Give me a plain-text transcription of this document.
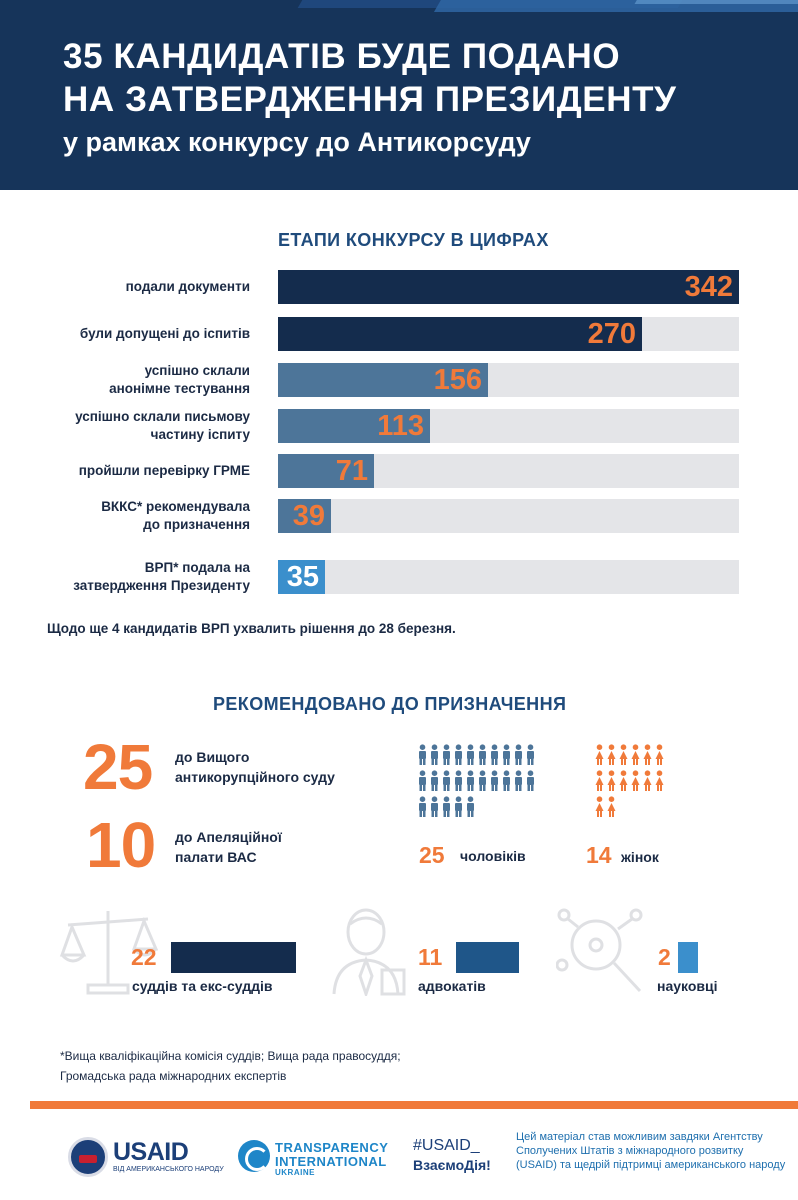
35 КАНДИДАТІВ БУДЕ ПОДАНО
НА ЗАТВЕРДЖЕННЯ ПРЕЗИДЕНТУ
у рамках конкурсу до Антикорсуду
ЕТАПИ КОНКУРСУ В ЦИФРАХ
342
подали документи
270
були допущені до іспитів
156
успішно склали
анонімне тестування
113
успішно склали письмову
частину іспиту
71
пройшли перевірку ГРМЕ
39
ВККС* рекомендувала
до призначення
35
ВРП* подала на
затвердження Президенту
Щодо ще 4 кандидатів ВРП ухвалить рішення до 28 березня.
РЕКОМЕНДОВАНО ДО ПРИЗНАЧЕННЯ
25 до Вищого
антикорупційного суду
10 до Апеляційної
палати ВАС	25 чоловіків	14 жінок
22
суддів та екс-суддів
11
адвокатів
2
науковці
*Вища кваліфікаційна комісія суддів; Вища рада правосуддя;
Громадська рада міжнародних експертів
USAID
ВІД АМЕРИКАНСЬКОГО НАРОДУ
TRANSPARENCY
INTERNATIONAL
UKRAINE
#USAID_
ВзаємоДія!
Цей матеріал став можливим завдяки Агентству Сполучених Штатів з міжнародного розвитку (USAID) та щедрій підтримці американського народу
